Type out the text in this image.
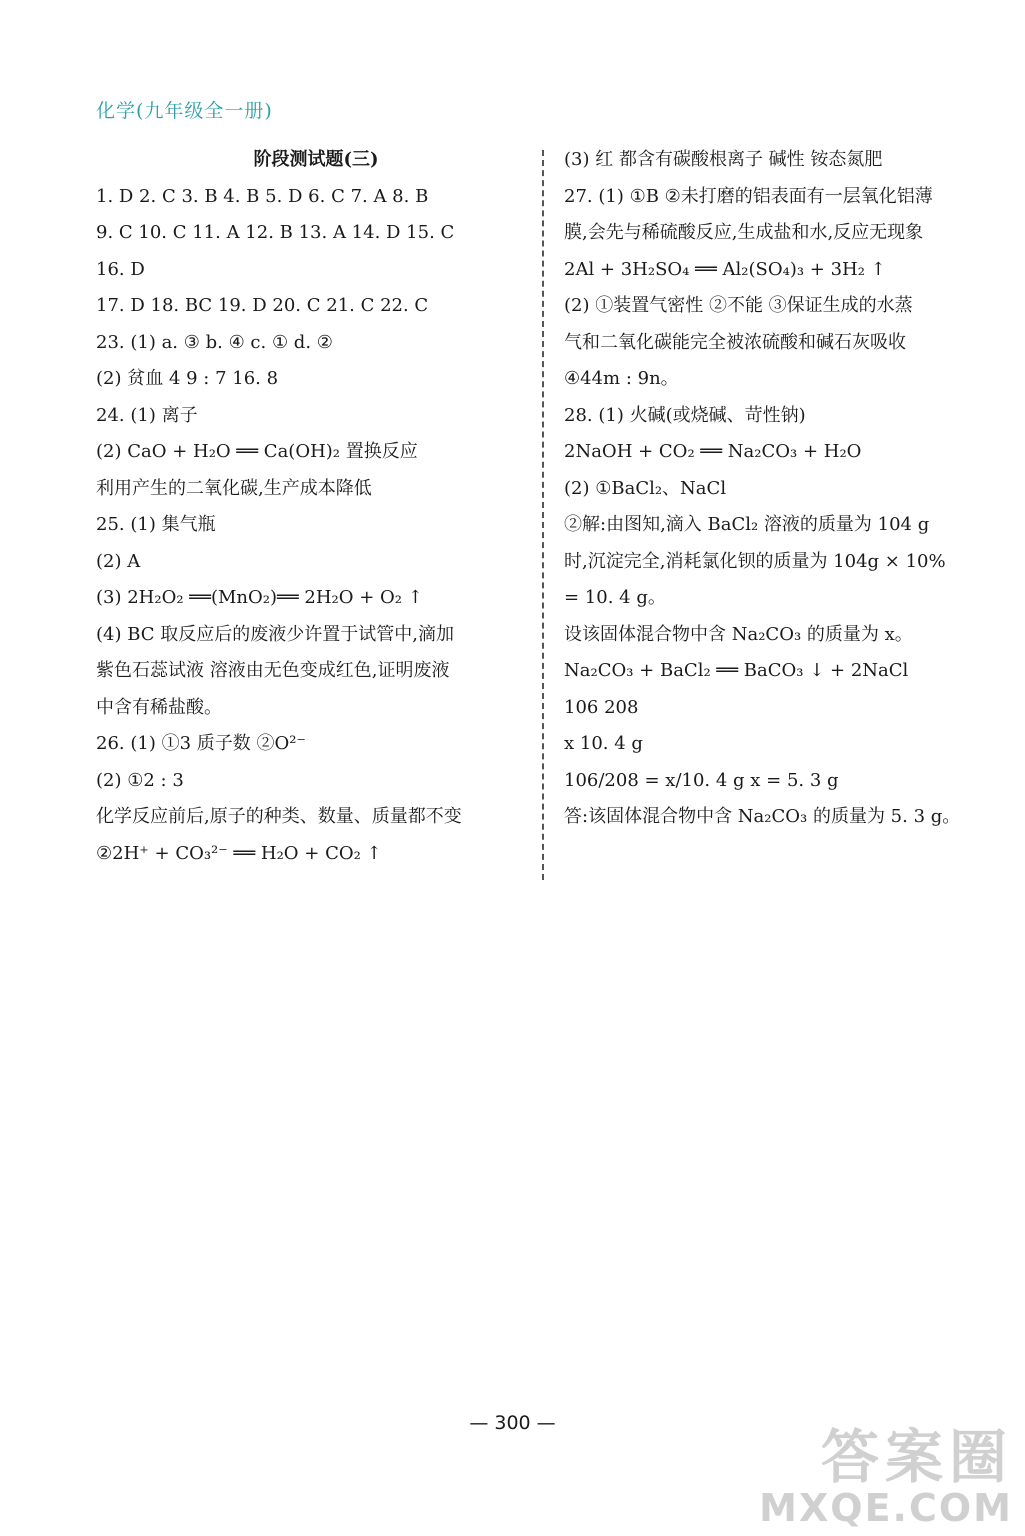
化学(九年级全一册)
阶段测试题(三)
1. D 2. C 3. B 4. B 5. D 6. C 7. A 8. B
9. C 10. C 11. A 12. B 13. A 14. D 15. C
16. D
17. D 18. BC 19. D 20. C 21. C 22. C
23. (1) a. ③ b. ④ c. ① d. ②
(2) 贫血 4 9 : 7 16. 8
24. (1) 离子
(2) CaO + H₂O ══ Ca(OH)₂ 置换反应
利用产生的二氧化碳,生产成本降低
25. (1) 集气瓶
(2) A
(3) 2H₂O₂ ══(MnO₂)══ 2H₂O + O₂ ↑
(4) BC 取反应后的废液少许置于试管中,滴加
紫色石蕊试液 溶液由无色变成红色,证明废液
中含有稀盐酸。
26. (1) ①3 质子数 ②O²⁻
(2) ①2 : 3
化学反应前后,原子的种类、数量、质量都不变
②2H⁺ + CO₃²⁻ ══ H₂O + CO₂ ↑
(3) 红 都含有碳酸根离子 碱性 铵态氮肥
27. (1) ①B ②未打磨的铝表面有一层氧化铝薄
膜,会先与稀硫酸反应,生成盐和水,反应无现象
2Al + 3H₂SO₄ ══ Al₂(SO₄)₃ + 3H₂ ↑
(2) ①装置气密性 ②不能 ③保证生成的水蒸
气和二氧化碳能完全被浓硫酸和碱石灰吸收
④44m : 9n。
28. (1) 火碱(或烧碱、苛性钠)
2NaOH + CO₂ ══ Na₂CO₃ + H₂O
(2) ①BaCl₂、NaCl
②解:由图知,滴入 BaCl₂ 溶液的质量为 104 g
时,沉淀完全,消耗氯化钡的质量为 104g × 10%
= 10. 4 g。
设该固体混合物中含 Na₂CO₃ 的质量为 x。
Na₂CO₃ + BaCl₂ ══ BaCO₃ ↓ + 2NaCl
106 208
x 10. 4 g
106/208 = x/10. 4 g x = 5. 3 g
答:该固体混合物中含 Na₂CO₃ 的质量为 5. 3 g。
— 300 —	答案圈
MXQE.COM
